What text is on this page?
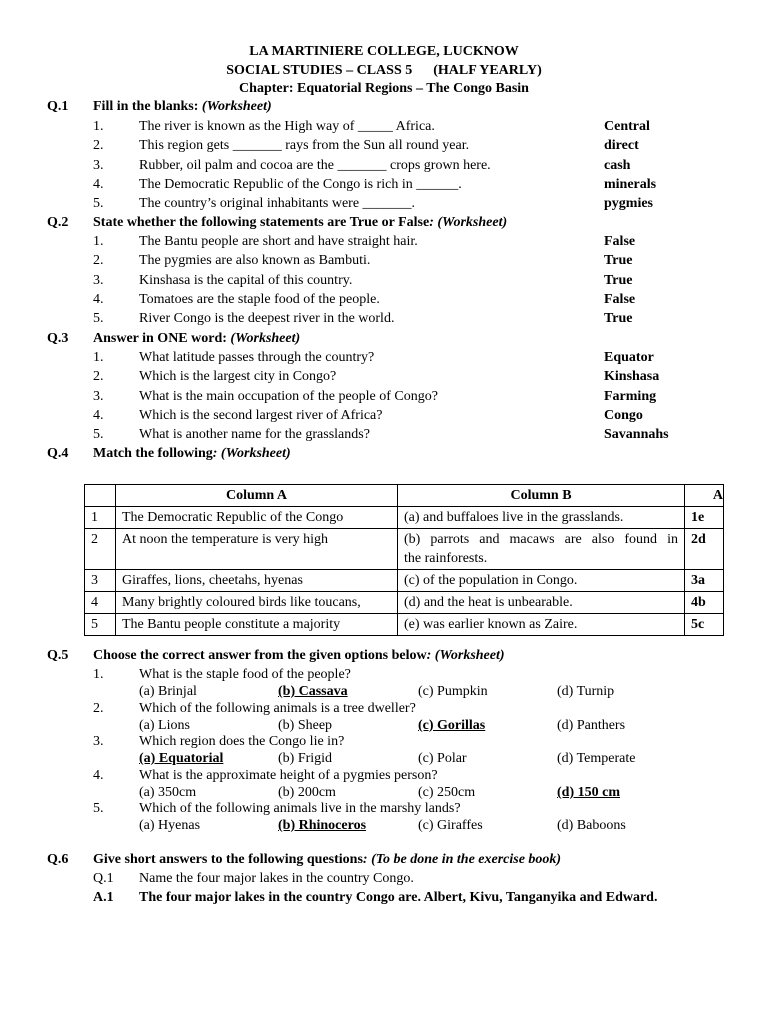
LA MARTINIERE COLLEGE, LUCKNOW
SOCIAL STUDIES – CLASS 5      (HALF YEARLY)
Chapter: Equatorial Regions – The Congo Basin
Q.1 Fill in the blanks: (Worksheet)
1.	The river is known as the High way of _____ Africa.	Central
2.	This region gets _______ rays from the Sun all round year.	direct
3.	Rubber, oil palm and cocoa are the _______ crops grown here.	cash
4.	The Democratic Republic of the Congo is rich in ______.	minerals
5.	The country’s original inhabitants were _______.	pygmies
Q.2 State whether the following statements are True or False: (Worksheet)
1.	The Bantu people are short and have straight hair.	False
2.	The pygmies are also known as Bambuti.	True
3.	Kinshasa is the capital of this country.	True
4.	Tomatoes are the staple food of the people.	False
5.	River Congo is the deepest river in the world.	True
Q.3 Answer in ONE word: (Worksheet)
1.	What latitude passes through the country?	Equator
2.	Which is the largest city in Congo?	Kinshasa
3.	What is the main occupation of the people of Congo?	Farming
4.	Which is the second largest river of Africa?	Congo
5.	What is another name for the grasslands?	Savannahs
Q.4 Match the following: (Worksheet)
	Column A	Column B	A
1	The Democratic Republic of the Congo	(a) and buffaloes live in the grasslands.	1e
2	At noon the temperature is very high	(b) parrots and macaws are also found in
the rainforests.	2d
3	Giraffes, lions, cheetahs, hyenas	(c) of the population in Congo.	3a
4	Many brightly coloured birds like toucans,	(d) and the heat is unbearable.	4b
5	The Bantu people constitute a majority	(e) was earlier known as Zaire.	5c
Q.5 Choose the correct answer from the given options below: (Worksheet)
1.	What is the staple food of the people?
(a) Brinjal	(b) Cassava	(c) Pumpkin	(d) Turnip
2.	Which of the following animals is a tree dweller?
(a) Lions	(b) Sheep	(c) Gorillas	(d) Panthers
3.	Which region does the Congo lie in?
(a) Equatorial	(b) Frigid	(c) Polar	(d) Temperate
4.	What is the approximate height of a pygmies person?
(a) 350cm	(b) 200cm	(c) 250cm	(d) 150 cm
5.	Which of the following animals live in the marshy lands?
(a) Hyenas	(b) Rhinoceros	(c) Giraffes	(d) Baboons
Q.6 Give short answers to the following questions: (To be done in the exercise book)
Q.1 Name the four major lakes in the country Congo.
A.1 The four major lakes in the country Congo are. Albert, Kivu, Tanganyika and Edward.
